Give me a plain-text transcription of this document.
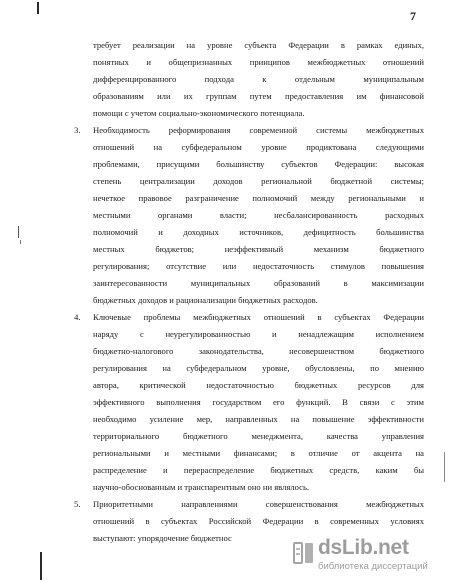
7
требует реализации на уровне субъекта Федерации в рамках единых,
понятных и общепризнанных принципов межбюджетных отношений
дифференцированного подхода к отдельным муниципальным
образованиям или их группам путем предоставления им финансовой
помощи с учетом социально-экономического потенциала.
3. Необходимость реформирования современной системы межбюджетных
отношений на субфедеральном уровне продиктована следующими
проблемами, присущими большинству субъектов Федерации: высокая
степень централизации доходов региональной бюджетной системы;
нечеткое правовое разграничение полномочий между региональными и
местными органами власти; несбалансированность расходных
полномочий и доходных источников, дефицитность большинства
местных бюджетов; неэффективный механизм бюджетного
регулирования; отсутствие или недостаточность стимулов повышения
заинтересованности муниципальных образований в максимизации
бюджетных доходов и рационализации бюджетных расходов.
4. Ключевые проблемы межбюджетных отношений в субъектах Федерации
наряду с неурегулированностью и ненадлежащим исполнением
бюджетно-налогового законодательства, несовершенством бюджетного
регулирования на субфедеральном уровне, обусловлены, по мнению
автора, критической недостаточностью бюджетных ресурсов для
эффективного выполнения государством его функций. В связи с этим
необходимо усиление мер, направленных на повышение эффективности
территориального бюджетного менеджмента, качества управления
региональными и местными финансами; в отличие от акцента на
распределение и перераспределение бюджетных средств, каким бы
научно-обоснованным и транспарентным оно ни являлось.
5. Приоритетными направлениями совершенствования межбюджетных
отношений в субъектах Российской Федерации в современных условиях
выступают: упорядочение бюджетнос	dsLib.net
библиотека диссертаций
